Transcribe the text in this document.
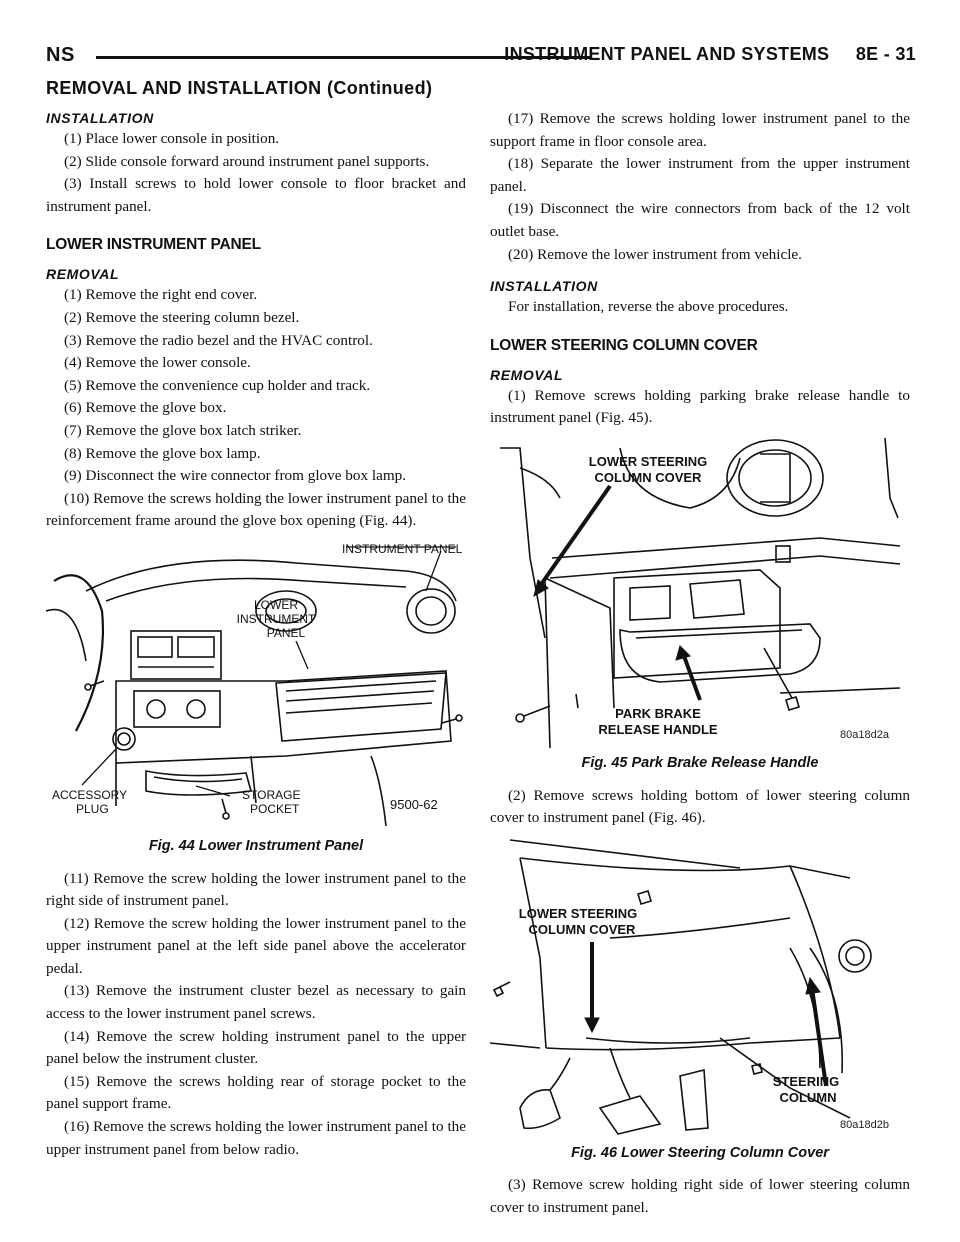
NS	INSTRUMENT PANEL AND SYSTEMS     8E - 31
REMOVAL AND INSTALLATION (Continued)
INSTALLATION

(1) Place lower console in position.

(2) Slide console forward around instrument panel supports.

(3) Install screws to hold lower console to floor bracket and instrument panel.

LOWER INSTRUMENT PANEL
REMOVAL

(1) Remove the right end cover.

(2) Remove the steering column bezel.

(3) Remove the radio bezel and the HVAC control.

(4) Remove the lower console.

(5) Remove the convenience cup holder and track.

(6) Remove the glove box.

(7) Remove the glove box latch striker.

(8) Remove the glove box lamp.

(9) Disconnect the wire connector from glove box lamp.

(10) Remove the screws holding the lower instrument panel to the reinforcement frame around the glove box opening (Fig. 44).

INSTRUMENT PANEL
LOWER
INSTRUMENT
PANEL
ACCESSORY
PLUG
STORAGE
POCKET	9500-62
Fig. 44 Lower Instrument Panel

(11) Remove the screw holding the lower instrument panel to the right side of instrument panel.

(12) Remove the screw holding the lower instrument panel to the upper instrument panel at the left side panel above the accelerator pedal.

(13) Remove the instrument cluster bezel as necessary to gain access to the lower instrument panel screws.

(14) Remove the screw holding instrument panel to the upper panel below the instrument cluster.

(15) Remove the screws holding rear of storage pocket to the panel support frame.

(16) Remove the screws holding the lower instrument panel to the upper instrument panel from below radio.

(17) Remove the screws holding lower instrument panel to the support frame in floor console area.

(18) Separate the lower instrument from the upper instrument panel.

(19) Disconnect the wire connectors from back of the 12 volt outlet base.

(20) Remove the lower instrument from vehicle.

INSTALLATION

For installation, reverse the above procedures.

LOWER STEERING COLUMN COVER
REMOVAL

(1) Remove screws holding parking brake release handle to instrument panel (Fig. 45).

LOWER STEERING
COLUMN COVER
PARK BRAKE
RELEASE HANDLE	80a18d2a
Fig. 45 Park Brake Release Handle

(2) Remove screws holding bottom of lower steering column cover to instrument panel (Fig. 46).

LOWER STEERING
COLUMN COVER
STEERING
COLUMN
80a18d2b
Fig. 46 Lower Steering Column Cover

(3) Remove screw holding right side of lower steering column cover to instrument panel.
